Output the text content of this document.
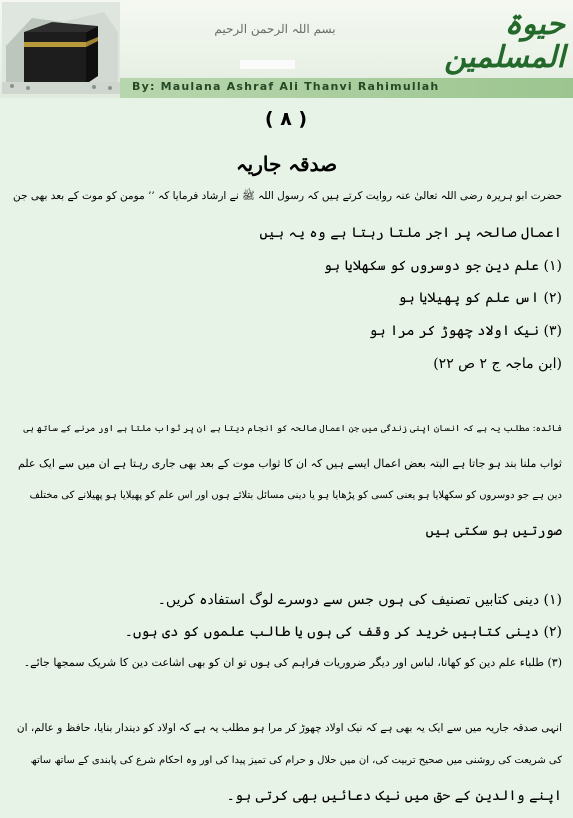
بسم اللہ الرحمن الرحیم	حیوۃ المسلمین
By: Maulana Ashraf Ali Thanvi Rahimullah
( ۸ )
صدقہ جاریہ
حضرت ابو ہریرہ رضی اللہ تعالیٰ عنہ روایت کرتے ہیں کہ رسول اللہ ﷺ نے ارشاد فرمایا کہ ’’ مومن کو موت کے بعد بھی جن
اعمال صالحہ پر اجر ملتا رہتا ہے وہ یہ ہیں
(۱) علم دین جو دوسروں کو سکھلایا ہو
(۲) اس علم کو پھیلایا ہو
(۳) نیک اولاد چھوڑ کر مرا ہو
(ابن ماجہ ج ۲ ص ۲۲)
فائدہ: مطلب یہ ہے کہ انسان اپنی زندگی میں جن اعمال صالحہ کو انجام دیتا ہے ان پر ثواب ملتا ہے اور مرنے کے ساتھ ہی
ثواب ملنا بند ہو جاتا ہے البتہ بعض اعمال ایسے ہیں کہ ان کا ثواب موت کے بعد بھی جاری رہتا ہے ان میں سے ایک علم
دین ہے جو دوسروں کو سکھلایا ہو یعنی کسی کو پڑھایا ہو یا دینی مسائل بتلائے ہوں اور اس علم کو پھیلایا ہو پھیلانے کی مختلف
صورتیں ہو سکتی ہیں
(۱) دینی کتابیں تصنیف کی ہوں جس سے دوسرے لوگ استفادہ کریں۔
(۲) دینی کتابیں خرید کر وقف کی ہوں یا طالب علموں کو دی ہوں۔
(۳) طلباء علم دین کو کھانا، لباس اور دیگر ضروریات فراہم کی ہوں تو ان کو بھی اشاعت دین کا شریک سمجھا جائے۔
انہی صدقہ جاریہ میں سے ایک یہ بھی ہے کہ نیک اولاد چھوڑ کر مرا ہو مطلب یہ ہے کہ اولاد کو دیندار بنایا، حافظ و عالم، ان
کی شریعت کی روشنی میں صحیح تربیت کی، ان میں حلال و حرام کی تمیز پیدا کی اور وہ احکام شرع کی پابندی کے ساتھ ساتھ
اپنے والدین کے حق میں نیک دعائیں بھی کرتی ہو۔
